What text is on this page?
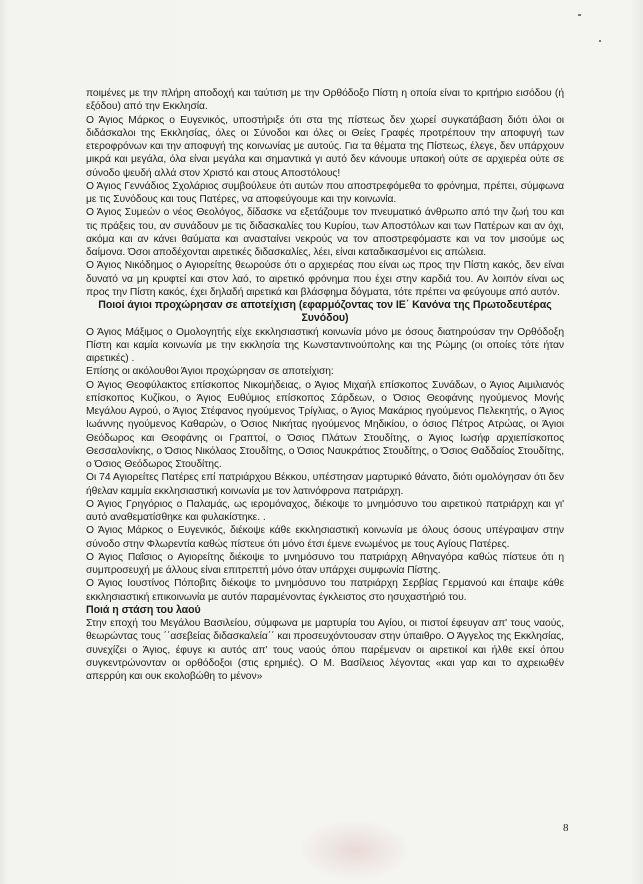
ποιμένες με την πλήρη αποδοχή και ταύτιση με την Ορθόδοξο Πίστη η οποία είναι το κριτήριο εισόδου (ή εξόδου) από την Εκκλησία.

Ο Άγιος Μάρκος ο Ευγενικός, υποστήριξε ότι στα της πίστεως δεν χωρεί συγκατάβαση διότι όλοι οι διδάσκαλοι της Εκκλησίας, όλες οι Σύνοδοι και όλες οι Θείες Γραφές προτρέπουν την αποφυγή των ετεροφρόνων και την αποφυγή της κοινωνίας με αυτούς. Για τα θέματα της Πίστεως, έλεγε, δεν υπάρχουν μικρά και μεγάλα, όλα είναι μεγάλα και σημαντικά γι αυτό δεν κάνουμε υπακοή ούτε σε αρχιερέα ούτε σε σύνοδο ψευδή αλλά στον Χριστό και στους Αποστόλους!

Ο Άγιος Γεννάδιος Σχολάριος συμβούλευε ότι αυτών που αποστρεφόμεθα το φρόνημα, πρέπει, σύμφωνα με τις Συνόδους και τους Πατέρες, να αποφεύγουμε και την κοινωνία.

Ο Άγιος Συμεών ο νέος Θεολόγος, δίδασκε να εξετάζουμε τον πνευματικό άνθρωπο από την ζωή του και τις πράξεις του, αν συνάδουν με τις διδασκαλίες του Κυρίου, των Αποστόλων και των Πατέρων και αν όχι, ακόμα και αν κάνει θαύματα και ανασταίνει νεκρούς να τον αποστρεφόμαστε και να τον μισούμε ως δαίμονα. Όσοι αποδέχονται αιρετικές διδασκαλίες, λέει, είναι καταδικασμένοι εις απώλεια.

Ο Άγιος Νικόδημος ο Αγιορείτης θεωρούσε ότι ο αρχιερέας που είναι ως προς την Πίστη κακός, δεν είναι δυνατό να μη κρυφτεί και στον λαό, το αιρετικό φρόνημα που έχει στην καρδιά του. Αν λοιπόν είναι ως προς την Πίστη κακός, έχει δηλαδή αιρετικά και βλάσφημα δόγματα, τότε πρέπει να φεύγουμε από αυτόν.

Ποιοί άγιοι προχώρησαν σε αποτείχιση (εφαρμόζοντας τον ΙΕ΄ Κανόνα της Πρωτοδευτέρας Συνόδου)

Ο Άγιος Μάξιμος ο Ομολογητής είχε εκκλησιαστική κοινωνία μόνο με όσους διατηρούσαν την Ορθόδοξη Πίστη και καμία κοινωνία με την εκκλησία της Κωνσταντινούπολης και της Ρώμης (οι οποίες τότε ήταν αιρετικές) .

Επίσης οι ακόλουθοι Άγιοι προχώρησαν σε αποτείχιση:

Ο Άγιος Θεοφύλακτος επίσκοπος Νικομήδειας, ο Άγιος Μιχαήλ επίσκοπος Συνάδων, ο Άγιος Αιμιλιανός επίσκοπος Κυζίκου, ο Άγιος Ευθύμιος επίσκοπος Σάρδεων, ο Όσιος Θεοφάνης ηγούμενος Μονής Μεγάλου Αγρού, ο Άγιος Στέφανος ηγούμενος Τρίγλιας, ο Άγιος Μακάριος ηγούμενος Πελεκητής, ο Άγιος Ιωάννης ηγούμενος Καθαρών, ο Όσιος Νικήτας ηγούμενος Μηδικίου, ο όσιος Πέτρος Ατρώας, οι Άγιοι Θεόδωρος και Θεοφάνης οι Γραπτοί, ο Όσιος Πλάτων Στουδίτης, ο Άγιος Ιωσήφ αρχιεπίσκοπος Θεσσαλονίκης, ο Όσιος Νικόλαος Στουδίτης, ο Όσιος Ναυκράτιος Στουδίτης, ο Όσιος Θαδδαίος Στουδίτης, ο Όσιος Θεόδωρος Στουδίτης.

Οι 74 Αγιορείτες Πατέρες επί πατριάρχου Βέκκου, υπέστησαν μαρτυρικό θάνατο, διότι ομολόγησαν ότι δεν ήθελαν καμμία εκκλησιαστική κοινωνία με τον λατινόφρονα πατριάρχη.

Ο Άγιος Γρηγόριος ο Παλαμάς, ως ιερομόναχος, διέκοψε το μνημόσυνο του αιρετικού πατριάρχη και γι' αυτό αναθεματίσθηκε και φυλακίστηκε. .

Ο Άγιος Μάρκος ο Ευγενικός, διέκοψε κάθε εκκλησιαστική κοινωνία με όλους όσους υπέγραψαν στην σύνοδο στην Φλωρεντία καθώς πίστευε ότι μόνο έτσι έμενε ενωμένος με τους Αγίους Πατέρες.

Ο Άγιος Παΐσιος ο Αγιορείτης διέκοψε το μνημόσυνο του πατριάρχη Αθηναγόρα καθώς πίστευε ότι η συμπροσευχή με άλλους είναι επιτρεπτή μόνο όταν υπάρχει συμφωνία Πίστης.

Ο Άγιος Ιουστίνος Πόποβιτς διέκοψε το μνημόσυνο του πατριάρχη Σερβίας Γερμανού και έπαψε κάθε εκκλησιαστική επικοινωνία με αυτόν παραμένοντας έγκλειστος στο ησυχαστήριό του.

Ποιά η στάση του λαού

Στην εποχή του Μεγάλου Βασιλείου, σύμφωνα με μαρτυρία του Αγίου, οι πιστοί έφευγαν απ' τους ναούς, θεωρώντας τους ΄΄ασεβείας διδασκαλεία΄΄ και προσευχόντουσαν στην ύπαιθρο. Ο Άγγελος της Εκκλησίας, συνεχίζει ο Άγιος, έφυγε κι αυτός απ' τους ναούς όπου παρέμεναν οι αιρετικοί και ήλθε εκεί όπου συγκεντρώνονταν οι ορθόδοξοι (στις ερημιές). Ο Μ. Βασίλειος λέγοντας «και γαρ και το αχρειωθέν απερρύη και ουκ εκολοβώθη το μένον»

8
